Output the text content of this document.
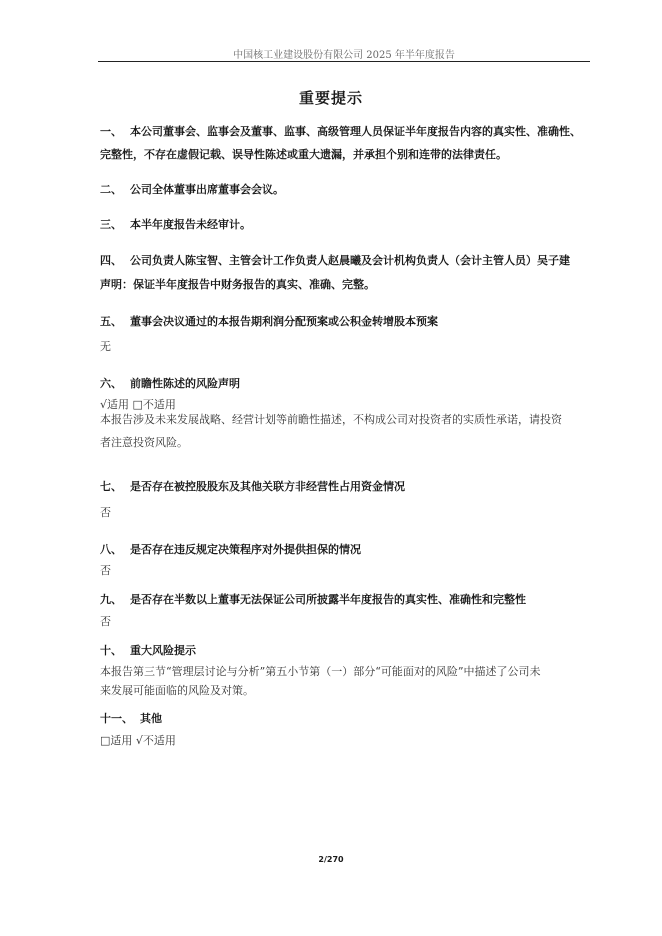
中国核工业建设股份有限公司 2025 年半年度报告
重要提示
一、 本公司董事会、监事会及董事、监事、高级管理人员保证半年度报告内容的真实性、准确性、
完整性，不存在虚假记载、误导性陈述或重大遗漏，并承担个别和连带的法律责任。
二、 公司全体董事出席董事会会议。
三、 本半年度报告未经审计。
四、 公司负责人陈宝智、主管会计工作负责人赵晨曦及会计机构负责人（会计主管人员）吴子建
声明：保证半年度报告中财务报告的真实、准确、完整。
五、 董事会决议通过的本报告期利润分配预案或公积金转增股本预案
无
六、 前瞻性陈述的风险声明
√适用 □不适用
本报告涉及未来发展战略、经营计划等前瞻性描述，不构成公司对投资者的实质性承诺，请投资
者注意投资风险。
七、 是否存在被控股股东及其他关联方非经营性占用资金情况
否
八、 是否存在违反规定决策程序对外提供担保的情况
否
九、 是否存在半数以上董事无法保证公司所披露半年度报告的真实性、准确性和完整性
否
十、 重大风险提示
本报告第三节“管理层讨论与分析”第五小节第（一）部分“可能面对的风险”中描述了公司未
来发展可能面临的风险及对策。
十一、 其他
□适用 √不适用
2/270
